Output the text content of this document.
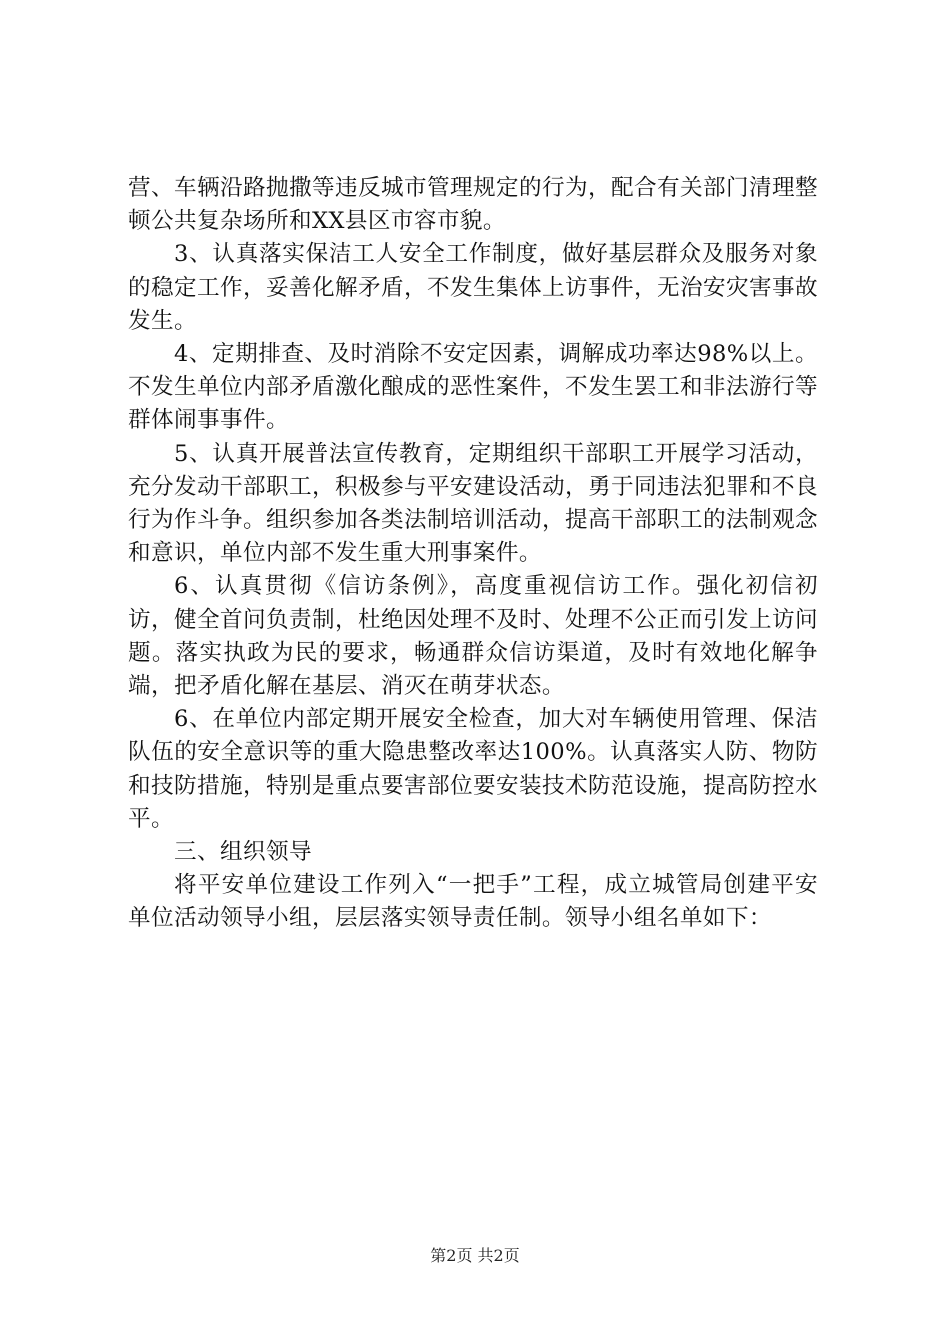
营、车辆沿路抛撒等违反城市管理规定的行为，配合有关部门清理整顿公共复杂场所和XX县区市容市貌。

3、认真落实保洁工人安全工作制度，做好基层群众及服务对象的稳定工作，妥善化解矛盾，不发生集体上访事件，无治安灾害事故发生。

4、定期排查、及时消除不安定因素，调解成功率达98%以上。不发生单位内部矛盾激化酿成的恶性案件，不发生罢工和非法游行等群体闹事事件。

5、认真开展普法宣传教育，定期组织干部职工开展学习活动，充分发动干部职工，积极参与平安建设活动，勇于同违法犯罪和不良行为作斗争。组织参加各类法制培训活动，提高干部职工的法制观念和意识，单位内部不发生重大刑事案件。

6、认真贯彻《信访条例》，高度重视信访工作。强化初信初访，健全首问负责制，杜绝因处理不及时、处理不公正而引发上访问题。落实执政为民的要求，畅通群众信访渠道，及时有效地化解争端，把矛盾化解在基层、消灭在萌芽状态。

6、在单位内部定期开展安全检查，加大对车辆使用管理、保洁队伍的安全意识等的重大隐患整改率达100%。认真落实人防、物防和技防措施，特别是重点要害部位要安装技术防范设施，提高防控水平。

三、组织领导

将平安单位建设工作列入“一把手”工程，成立城管局创建平安单位活动领导小组，层层落实领导责任制。领导小组名单如下：

第2页 共2页
